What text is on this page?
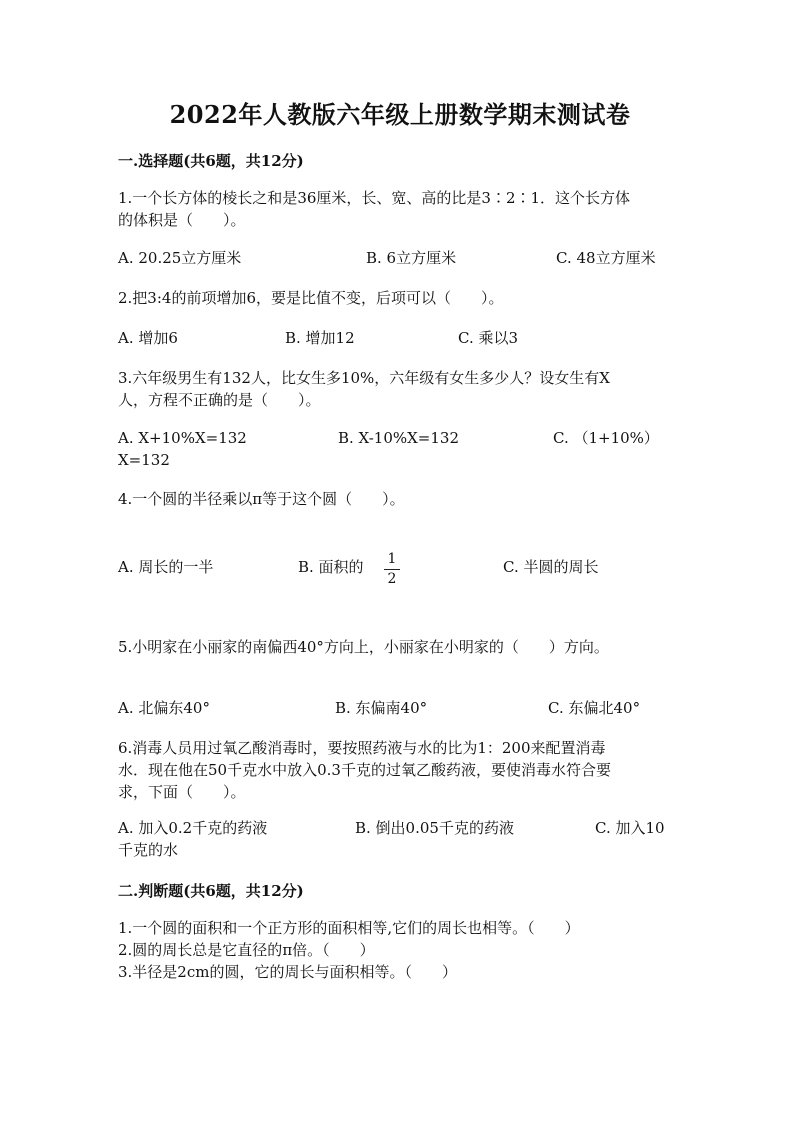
2022年人教版六年级上册数学期末测试卷
一.选择题(共6题，共12分)
1.一个长方体的棱长之和是36厘米，长、宽、高的比是3∶2∶1．这个长方体
的体积是（　　）。
A. 20.25立方厘米	B. 6立方厘米	C. 48立方厘米
2.把3:4的前项增加6，要是比值不变，后项可以（　　）。
A. 增加6	B. 增加12	C. 乘以3
3.六年级男生有132人，比女生多10%，六年级有女生多少人？设女生有X
人，方程不正确的是（　　）。
A. X+10%X=132	B. X-10%X=132	C. （1+10%）
X=132
4.一个圆的半径乘以π等于这个圆（　　）。
A. 周长的一半	B. 面积的 1
2
C. 半圆的周长
5.小明家在小丽家的南偏西40°方向上，小丽家在小明家的（　　）方向。
A. 北偏东40°	B. 东偏南40°	C. 东偏北40°
6.消毒人员用过氧乙酸消毒时，要按照药液与水的比为1：200来配置消毒
水．现在他在50千克水中放入0.3千克的过氧乙酸药液，要使消毒水符合要
求，下面（　　）。
A. 加入0.2千克的药液	B. 倒出0.05千克的药液	C. 加入10
千克的水
二.判断题(共6题，共12分)
1.一个圆的面积和一个正方形的面积相等,它们的周长也相等。（　　）
2.圆的周长总是它直径的π倍。（　　）
3.半径是2cm的圆，它的周长与面积相等。（　　）
